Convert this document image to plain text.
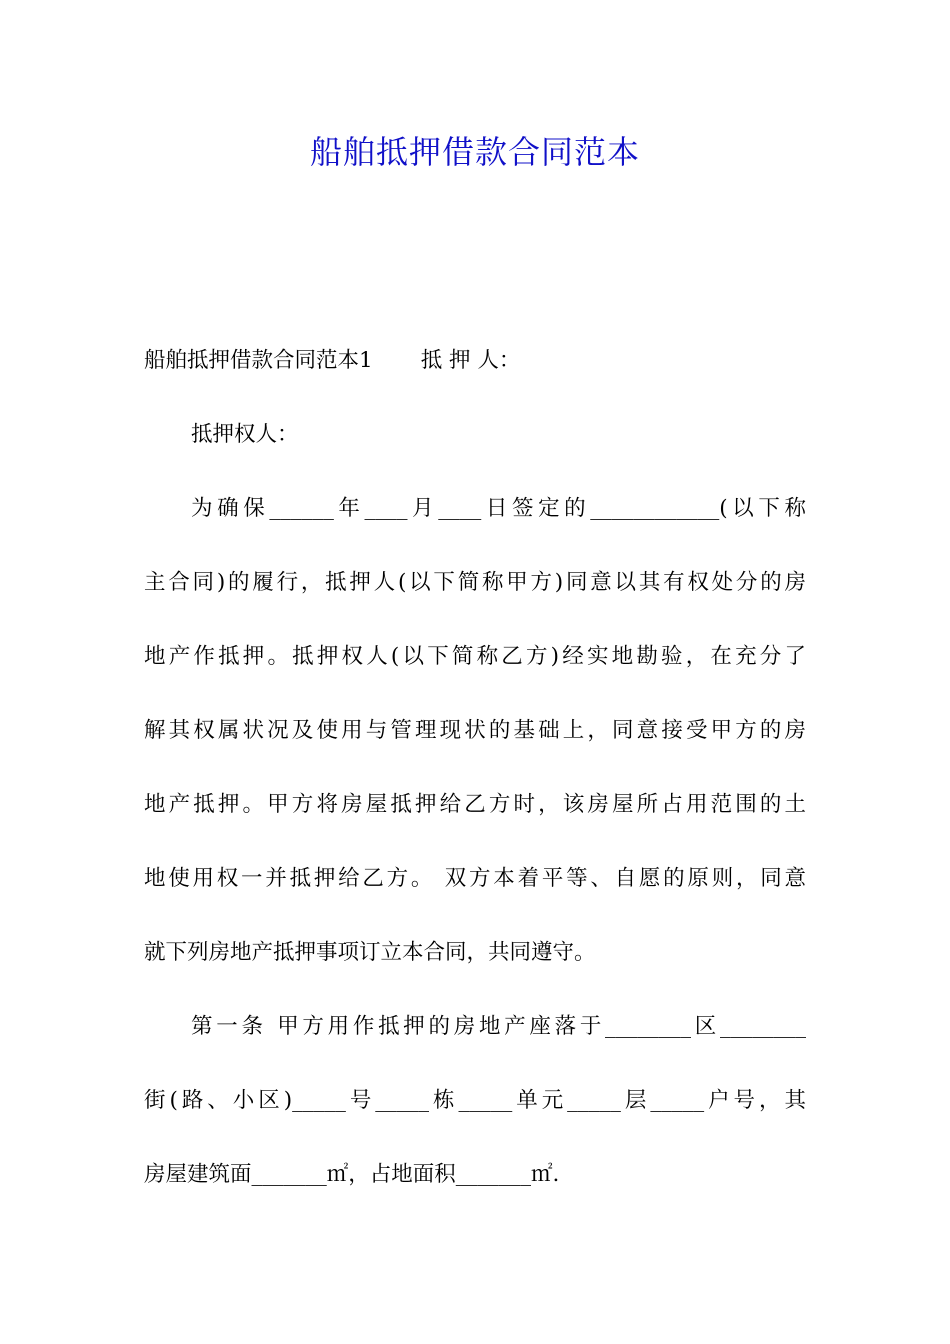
船舶抵押借款合同范本
船舶抵押借款合同范本1 抵 押 人：
抵押权人：
为确保______年____月____日签定的____________(以下称
主合同)的履行，抵押人(以下简称甲方)同意以其有权处分的房
地产作抵押。抵押权人(以下简称乙方)经实地勘验，在充分了
解其权属状况及使用与管理现状的基础上，同意接受甲方的房
地产抵押。甲方将房屋抵押给乙方时，该房屋所占用范围的土
地使用权一并抵押给乙方。 双方本着平等、自愿的原则，同意
就下列房地产抵押事项订立本合同，共同遵守。
第一条 甲方用作抵押的房地产座落于________区________
街(路、小区)_____号_____栋_____单元_____层_____户号，其
房屋建筑面_______㎡，占地面积_______㎡.
